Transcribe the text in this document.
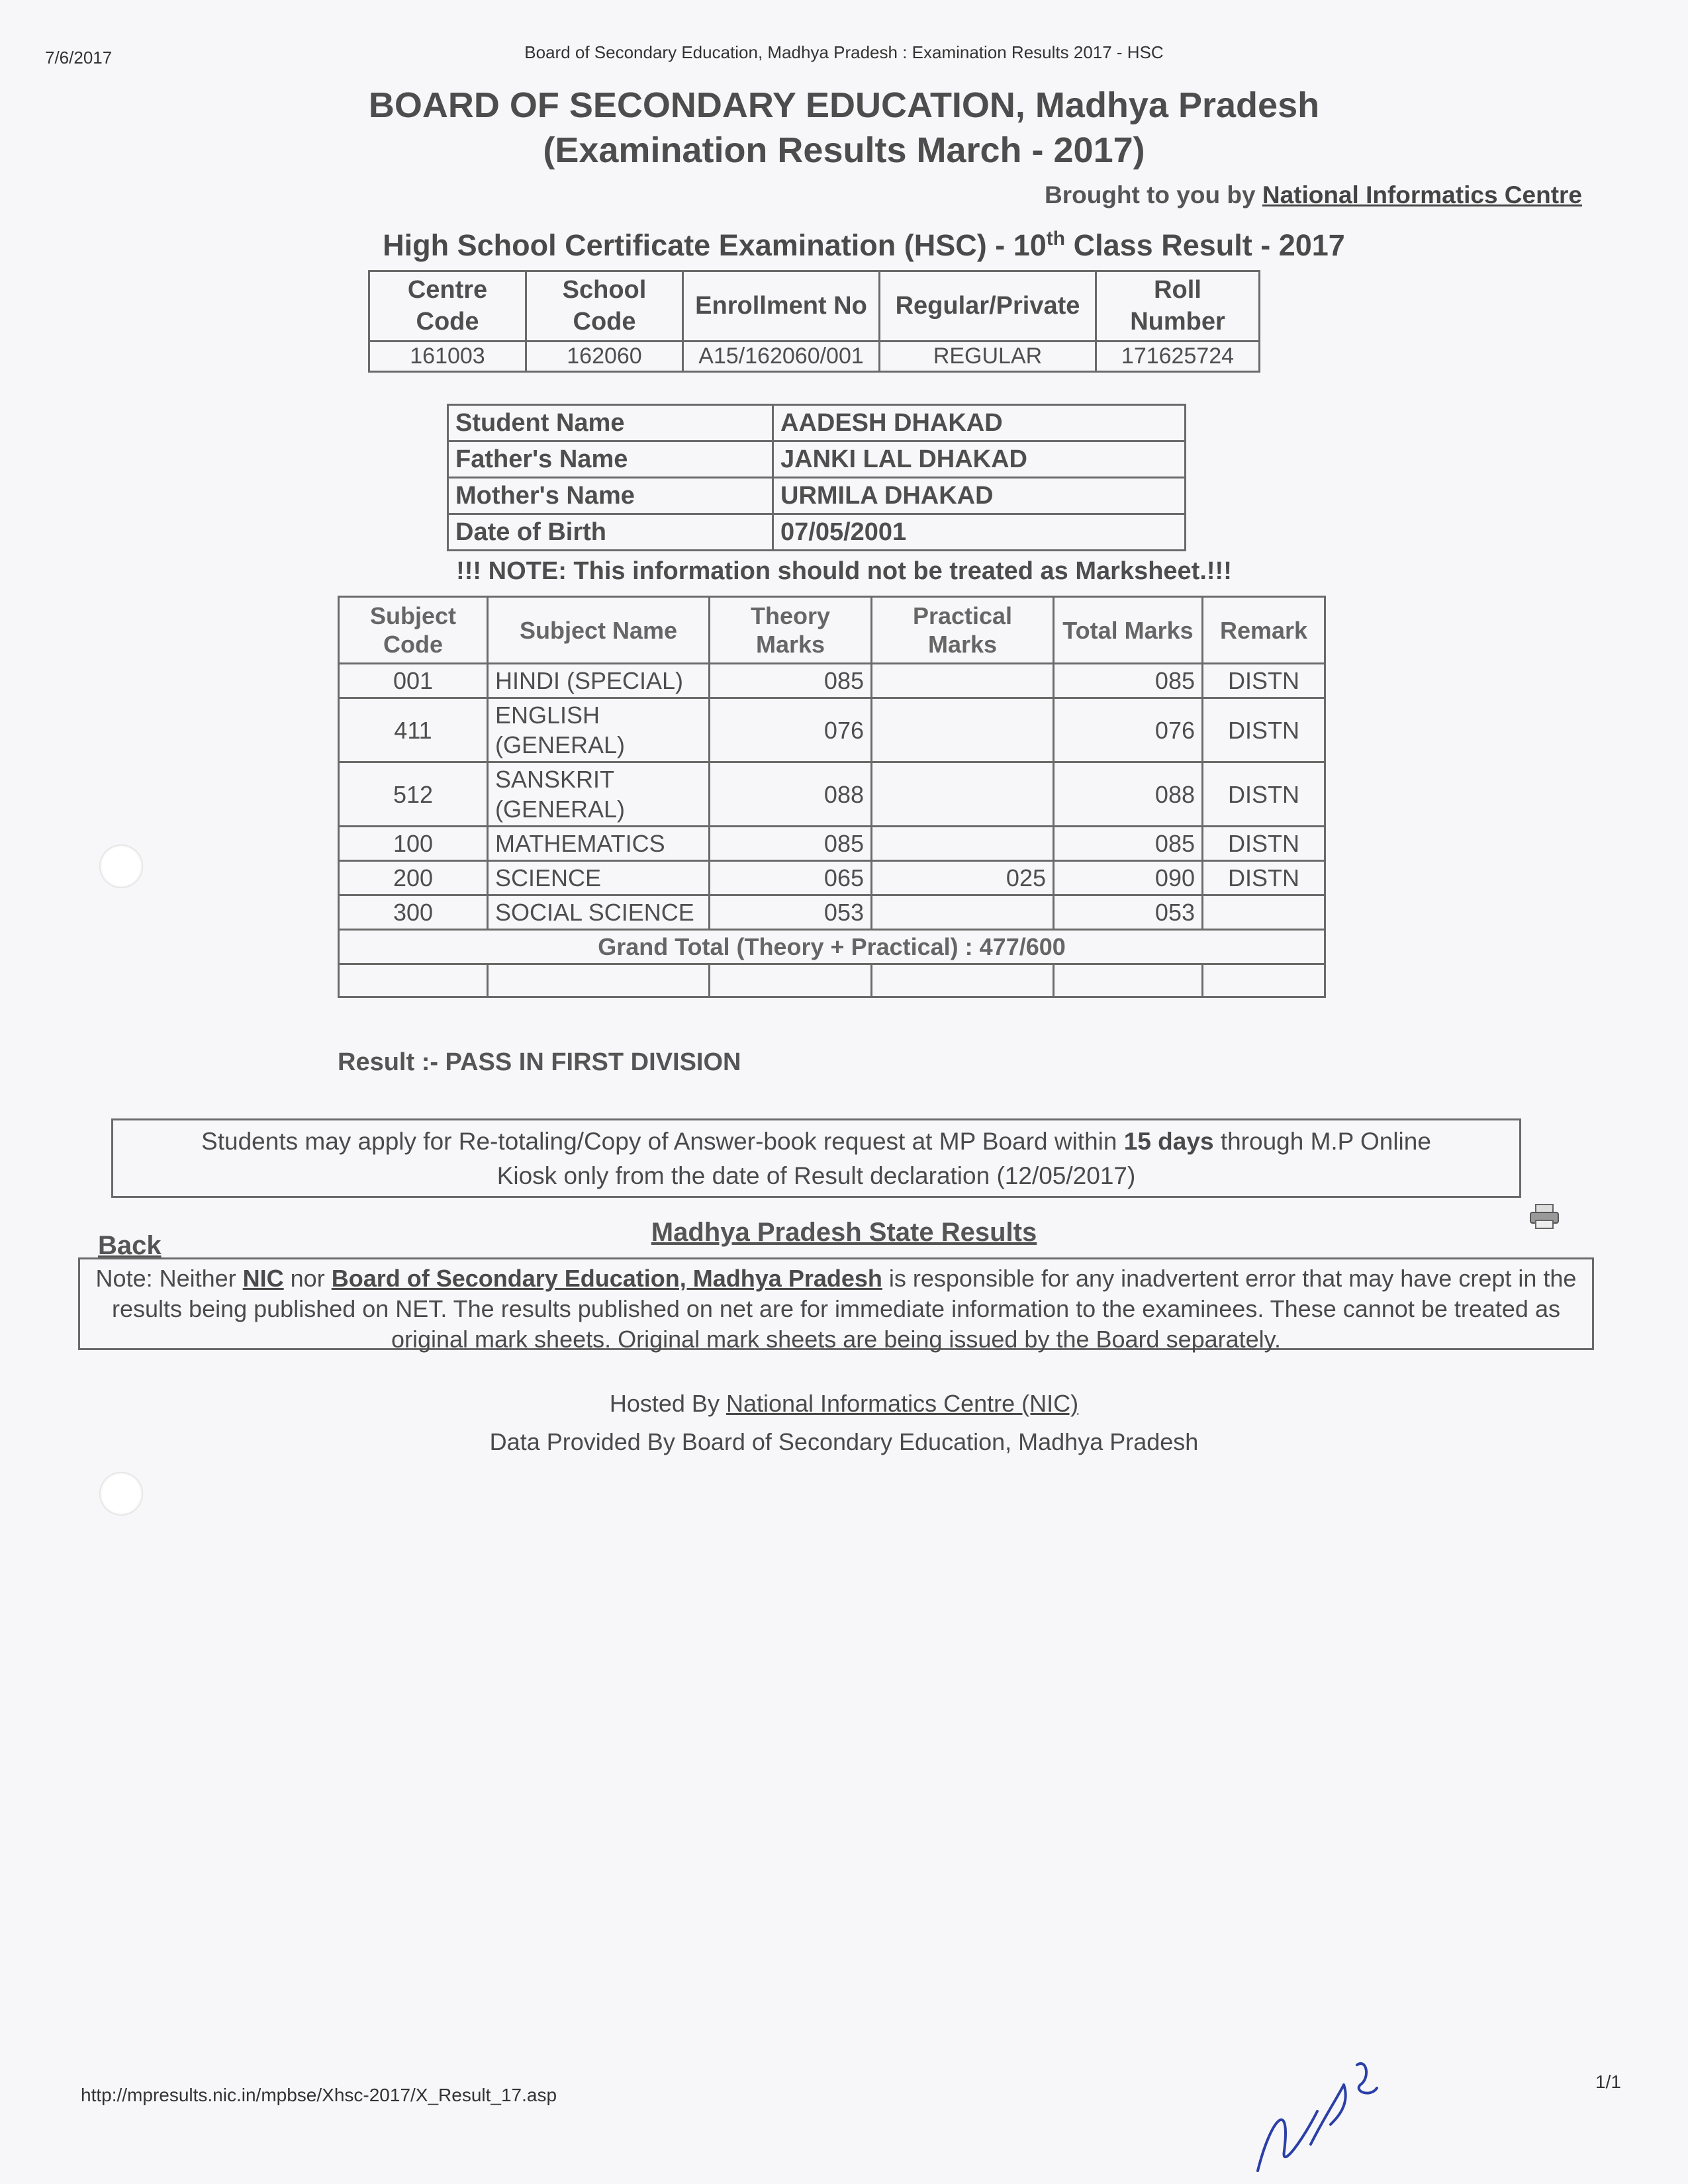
7/6/2017	Board of Secondary Education, Madhya Pradesh : Examination Results 2017 - HSC
BOARD OF SECONDARY EDUCATION, Madhya Pradesh
(Examination Results March - 2017)
Brought to you by National Informatics Centre
High School Certificate Examination (HSC) - 10th Class Result - 2017
Centre Code	School Code	Enrollment No	Regular/Private	Roll Number
161003	162060	A15/162060/001	REGULAR	171625724
Student Name	AADESH DHAKAD
Father's Name	JANKI LAL DHAKAD
Mother's Name	URMILA DHAKAD
Date of Birth	07/05/2001
!!! NOTE: This information should not be treated as Marksheet.!!!
Subject Code	Subject Name	Theory Marks	Practical Marks	Total Marks	Remark
001	HINDI (SPECIAL)	085		085	DISTN
411	ENGLISH (GENERAL)	076		076	DISTN
512	SANSKRIT (GENERAL)	088		088	DISTN
100	MATHEMATICS	085		085	DISTN
200	SCIENCE	065	025	090	DISTN
300	SOCIAL SCIENCE	053		053	
Grand Total (Theory + Practical) : 477/600					

Result :- PASS IN FIRST DIVISION
Students may apply for Re-totaling/Copy of Answer-book request at MP Board within 15 days through M.P Online
Kiosk only from the date of Result declaration (12/05/2017)
Back	Madhya Pradesh State Results
Note: Neither NIC nor Board of Secondary Education, Madhya Pradesh is responsible for any inadvertent error that may have crept in the results being published on NET. The results published on net are for immediate information to the examinees. These cannot be treated as original mark sheets. Original mark sheets are being issued by the Board separately.
Hosted By National Informatics Centre (NIC)
Data Provided By Board of Secondary Education, Madhya Pradesh
http://mpresults.nic.in/mpbse/Xhsc-2017/X_Result_17.asp
1/1
